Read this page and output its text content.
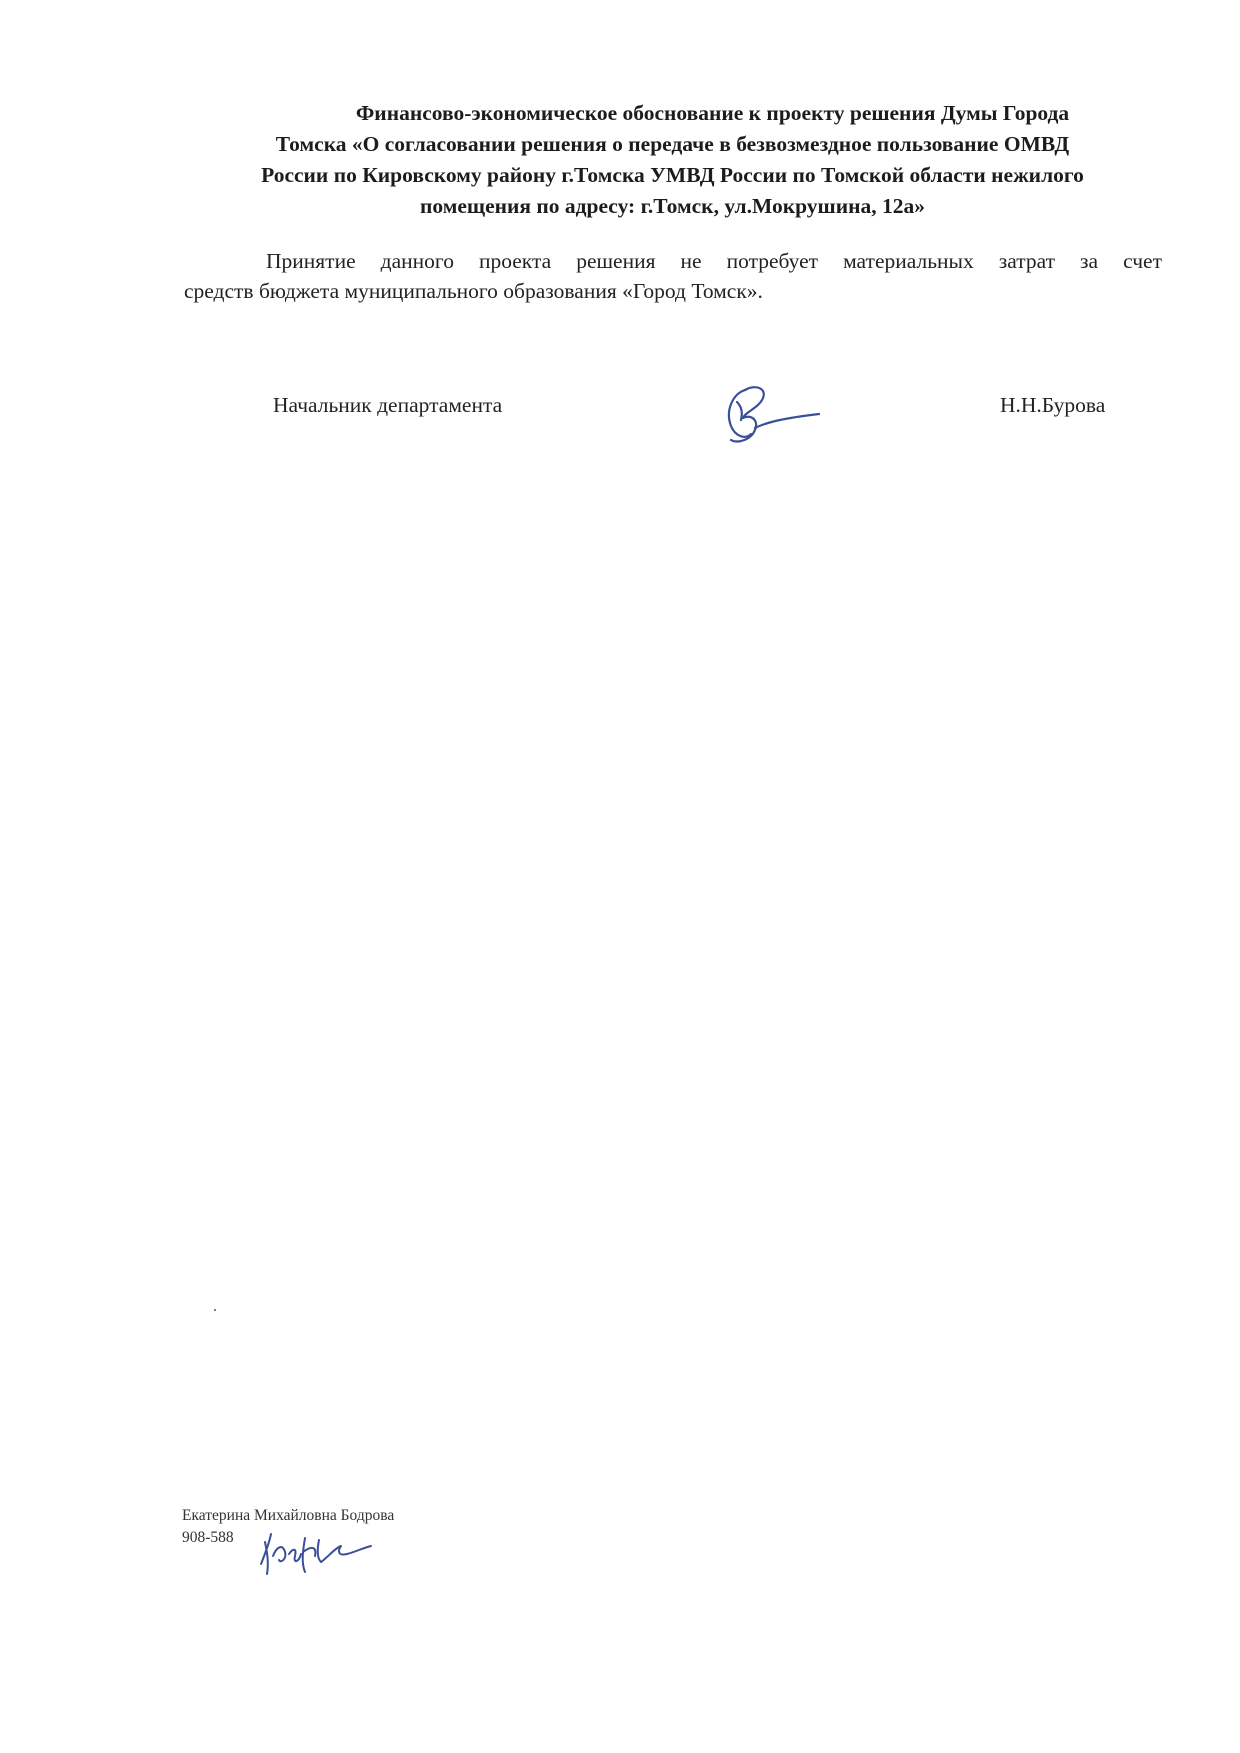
Финансово-экономическое обоснование к проекту решения Думы Города
Томска «О согласовании решения о передаче в безвозмездное пользование ОМВД
России по Кировскому району г.Томска УМВД России по Томской области нежилого
помещения по адресу: г.Томск, ул.Мокрушина, 12а»

Принятие данного проекта решения не потребует материальных затрат за счет
средств бюджета муниципального образования «Город Томск».

Начальник департамента	Н.Н.Бурова
Екатерина Михайловна Бодрова
908-588
